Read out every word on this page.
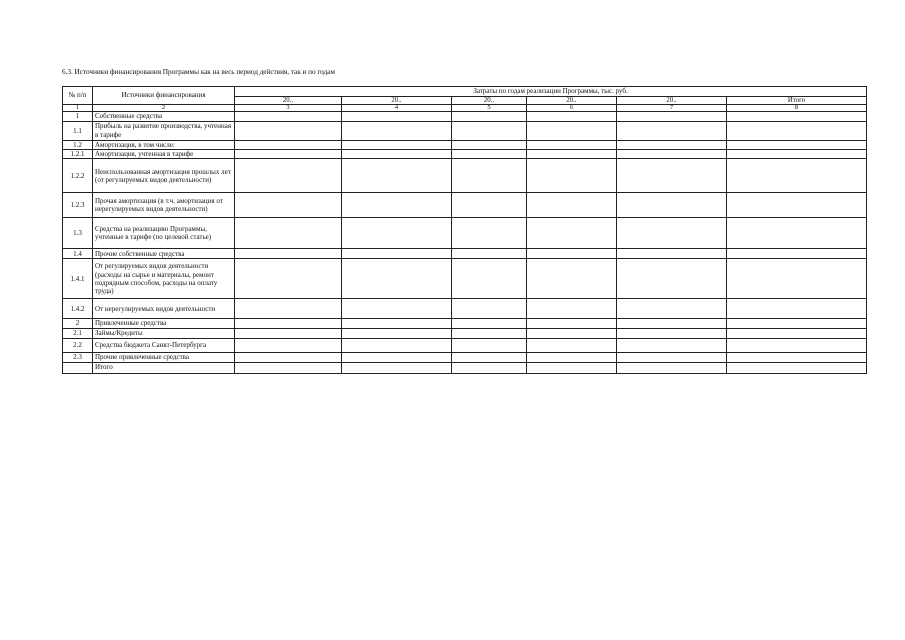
6.3. Источники финансирования Программы как на весь период действия, так и по годам
№ п/п	Источники финансирования	Затраты по годам реализации Программы, тыс. руб.					
		20..	20..	20..	20..	20..	Итого
1	2	3	4	5	6	7	8
1	Собственные средства						
1.1	Прибыль на развитие производства, учтенная в тарифе						
1.2	Амортизация, в том числе:						
1.2.1	Амортизация, учтенная в тарифе						
1.2.2	Неиспользованная амортизация прошлых лет (от регулируемых видов деятельности)						
1.2.3	Прочая амортизация (в т.ч. амортизация от нерегулируемых видов деятельности)						
1.3	Средства на реализацию Программы, учтенные в тарифе (по целевой статье)						
1.4	Прочие собственные средства						
1.4.1	От регулируемых видов деятельности (расходы на сырье и материалы, ремонт подрядным способом, расходы на оплату труда)						
1.4.2	От нерегулируемых видов деятельности						
2	Привлеченные средства						
2.1	Займы/Кредиты						
2.2	Средства бюджета Санкт-Петербурга						
2.3	Прочие привлеченные средства						
	Итого						
